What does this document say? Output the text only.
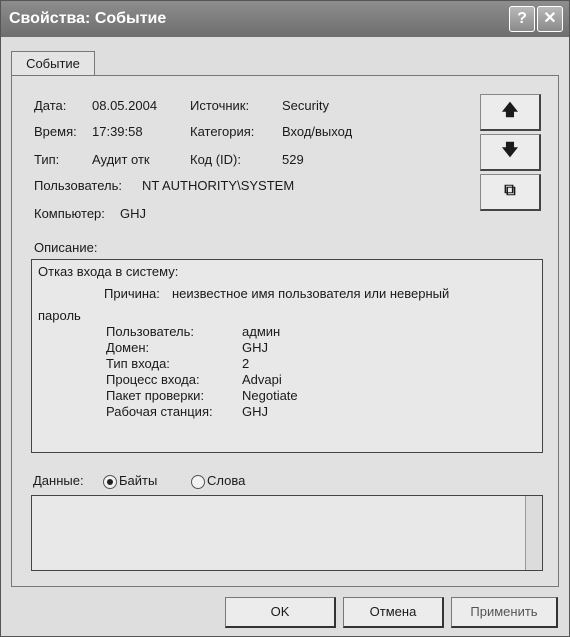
Свойства: Событие	?	✕
Событие
Дата: 08.05.2004
Время: 17:39:58
Тип:	Аудит отк
Источник:	Security
Категория: Вход/выход
Код (ID):	529
Пользователь: NT AUTHORITY\SYSTEM
Компьютер: GHJ
🡅
🡇
⧉
Описание:
Отказ входа в систему:
Причина: неизвестное имя пользователя или неверный
пароль
Пользователь:	админ
Домен:	GHJ
Тип входа:	2
Процесс входа:	Advapi
Пакет проверки:	Negotiate
Рабочая станция: GHJ
Данные:	Байты	Слова
OK	Отмена	Применить
